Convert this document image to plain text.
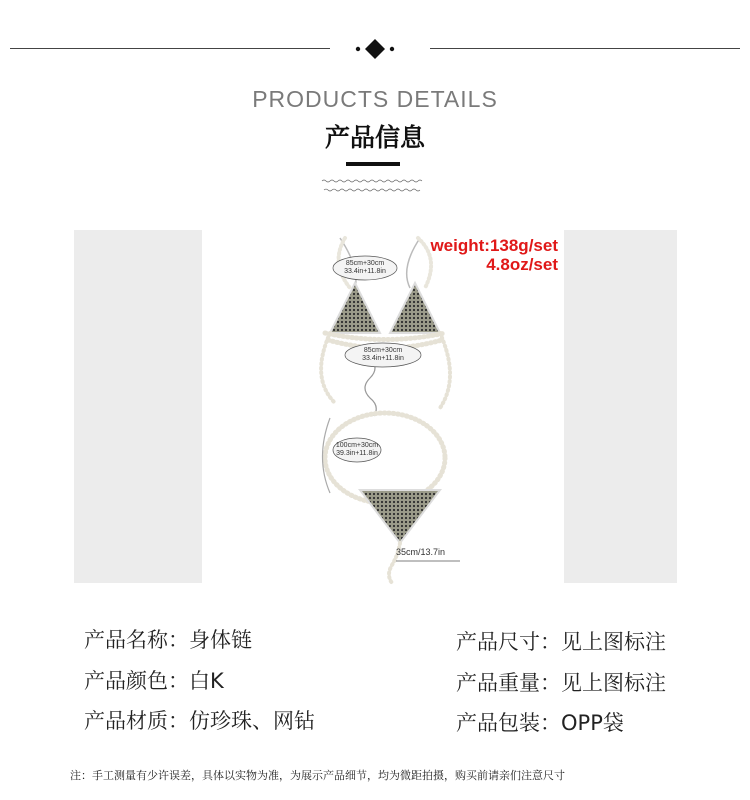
PRODUCTS DETAILS
产品信息
85cm+30cm
33.4in+11.8in
85cm+30cm
33.4in+11.8in
100cm+30cm
39.3in+11.8in
35cm/13.7in
weight:138g/set
4.8oz/set
产品名称：身体链
产品颜色：白K
产品材质：仿珍珠、网钻
产品尺寸：见上图标注
产品重量：见上图标注
产品包装：OPP袋
注：手工测量有少许误差，具体以实物为准，为展示产品细节，均为微距拍摄，购买前请亲们注意尺寸
